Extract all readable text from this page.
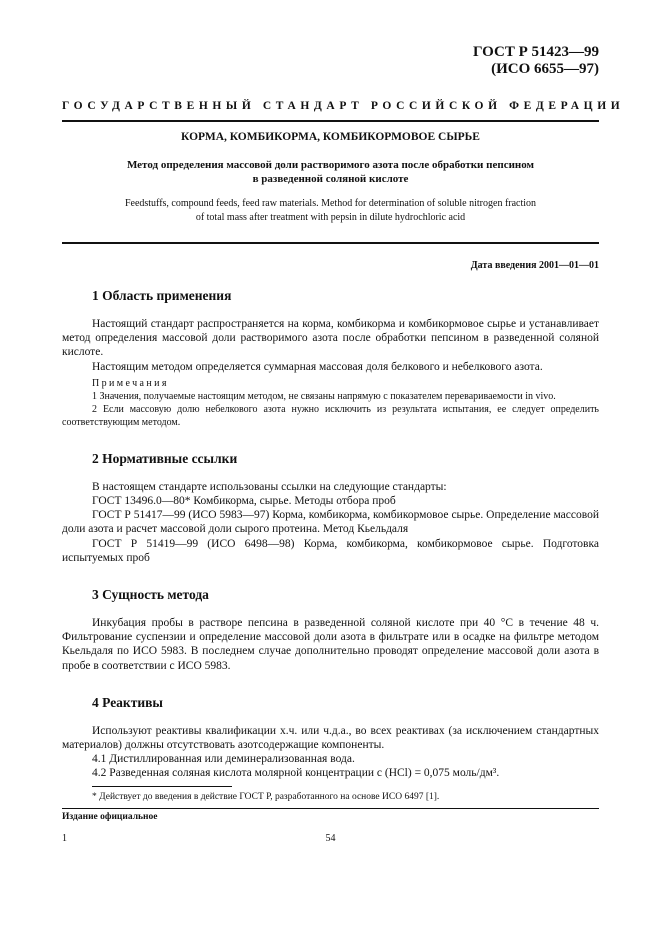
ГОСТ Р 51423—99
(ИСО 6655—97)
ГОСУДАРСТВЕННЫЙ СТАНДАРТ РОССИЙСКОЙ ФЕДЕРАЦИИ
КОРМА, КОМБИКОРМА, КОМБИКОРМОВОЕ СЫРЬЕ
Метод определения массовой доли растворимого азота после обработки пепсином
в разведенной соляной кислоте
Feedstuffs, compound feeds, feed raw materials. Method for determination of soluble nitrogen fraction
of total mass after treatment with pepsin in dilute hydrochloric acid
Дата введения 2001—01—01
1 Область применения
Настоящий стандарт распространяется на корма, комбикорма и комбикормовое сырье и устанавливает метод определения массовой доли растворимого азота после обработки пепсином в разведенной соляной кислоте.
Настоящим методом определяется суммарная массовая доля белкового и небелкового азота.
Примечания
1 Значения, получаемые настоящим методом, не связаны напрямую с показателем перевариваемости in vivo.
2 Если массовую долю небелкового азота нужно исключить из результата испытания, ее следует определить соответствующим методом.
2 Нормативные ссылки
В настоящем стандарте использованы ссылки на следующие стандарты:
ГОСТ 13496.0—80* Комбикорма, сырье. Методы отбора проб
ГОСТ Р 51417—99 (ИСО 5983—97) Корма, комбикорма, комбикормовое сырье. Определение массовой доли азота и расчет массовой доли сырого протеина. Метод Кьельдаля
ГОСТ Р 51419—99 (ИСО 6498—98) Корма, комбикорма, комбикормовое сырье. Подготовка испытуемых проб
3 Сущность метода
Инкубация пробы в растворе пепсина в разведенной соляной кислоте при 40 °С в течение 48 ч. Фильтрование суспензии и определение массовой доли азота в фильтрате или в осадке на фильтре методом Кьельдаля по ИСО 5983. В последнем случае дополнительно проводят определение массовой доли азота в пробе в соответствии с ИСО 5983.
4 Реактивы
Используют реактивы квалификации х.ч. или ч.д.а., во всех реактивах (за исключением стандартных материалов) должны отсутствовать азотсодержащие компоненты.
4.1 Дистиллированная или деминерализованная вода.
4.2 Разведенная соляная кислота молярной концентрации с (HCl) = 0,075 моль/дм³.
* Действует до введения в действие ГОСТ Р, разработанного на основе ИСО 6497 [1].
Издание официальное
1	54
